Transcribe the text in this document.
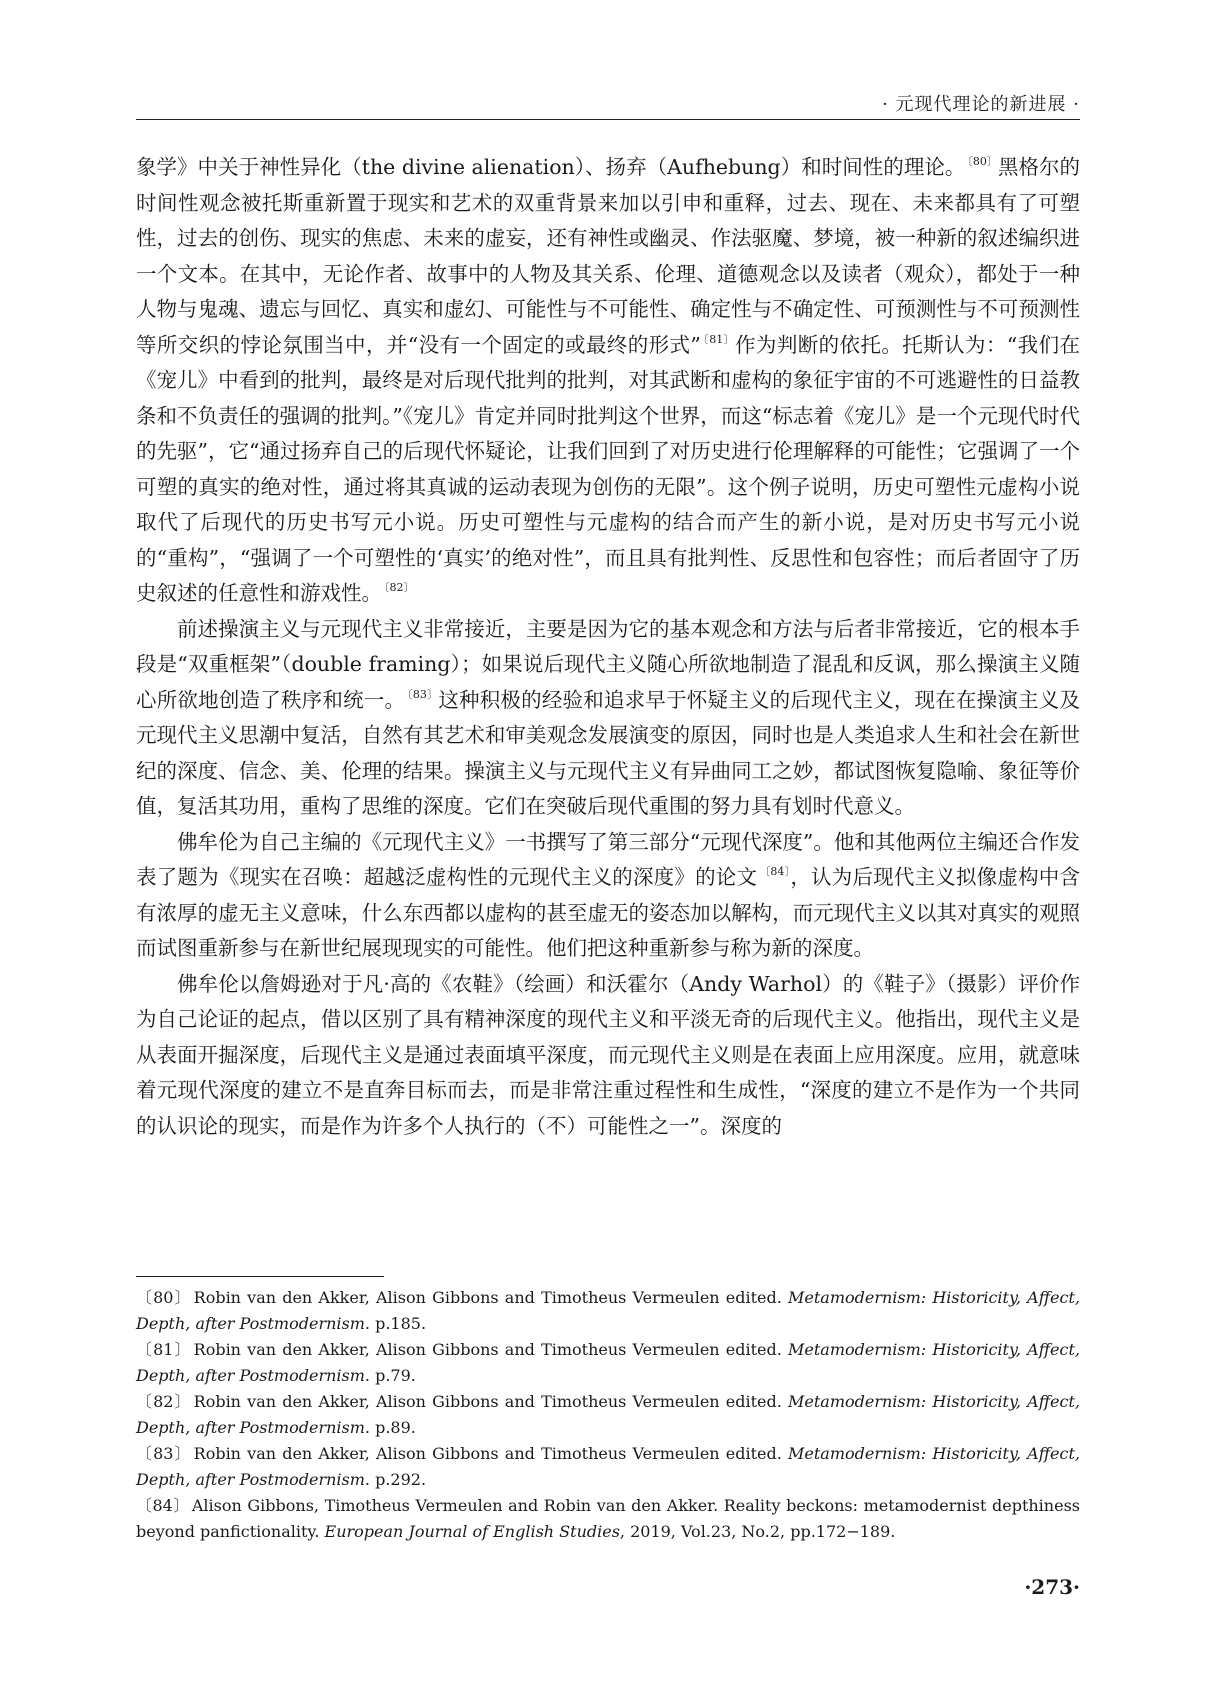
· 元现代理论的新进展 ·

象学》中关于神性异化（the divine alienation）、扬弃（Aufhebung）和时间性的理论。 $^{〔80〕}$黑格尔的时间性观念被托斯重新置于现实和艺术的双重背景来加以引申和重释，过去、现在、未来都具有了可塑性，过去的创伤、现实的焦虑、未来的虚妄，还有神性或幽灵、作法驱魔、梦境，被一种新的叙述编织进一个文本。在其中，无论作者、故事中的人物及其关系、伦理、道德观念以及读者（观众），都处于一种人物与鬼魂、遗忘与回忆、真实和虚幻、可能性与不可能性、确定性与不确定性、可预测性与不可预测性等所交织的悖论氛围当中，并“没有一个固定的或最终的形式” $^{〔81〕}$作为判断的依托。托斯认为：“我们在《宠儿》中看到的批判，最终是对后现代批判的批判，对其武断和虚构的象征宇宙的不可逃避性的日益教条和不负责任的强调的批判。”《宠儿》肯定并同时批判这个世界，而这“标志着《宠儿》是一个元现代时代的先驱”，它“通过扬弃自己的后现代怀疑论，让我们回到了对历史进行伦理解释的可能性；它强调了一个可塑的真实的绝对性，通过将其真诚的运动表现为创伤的无限”。这个例子说明，历史可塑性元虚构小说取代了后现代的历史书写元小说。历史可塑性与元虚构的结合而产生的新小说，是对历史书写元小说的“重构”，“强调了一个可塑性的‘真实’的绝对性”，而且具有批判性、反思性和包容性；而后者固守了历史叙述的任意性和游戏性。 $^{〔82〕}$

前述操演主义与元现代主义非常接近，主要是因为它的基本观念和方法与后者非常接近，它的根本手段是“双重框架”（double framing）；如果说后现代主义随心所欲地制造了混乱和反讽，那么操演主义随心所欲地创造了秩序和统一。 $^{〔83〕}$这种积极的经验和追求早于怀疑主义的后现代主义，现在在操演主义及元现代主义思潮中复活，自然有其艺术和审美观念发展演变的原因，同时也是人类追求人生和社会在新世纪的深度、信念、美、伦理的结果。操演主义与元现代主义有异曲同工之妙，都试图恢复隐喻、象征等价值，复活其功用，重构了思维的深度。它们在突破后现代重围的努力具有划时代意义。

佛牟伦为自己主编的《元现代主义》一书撰写了第三部分“元现代深度”。他和其他两位主编还合作发表了题为《现实在召唤：超越泛虚构性的元现代主义的深度》的论文 $^{〔84〕}$，认为后现代主义拟像虚构中含有浓厚的虚无主义意味，什么东西都以虚构的甚至虚无的姿态加以解构，而元现代主义以其对真实的观照而试图重新参与在新世纪展现现实的可能性。他们把这种重新参与称为新的深度。

佛牟伦以詹姆逊对于凡·高的《农鞋》（绘画）和沃霍尔（Andy Warhol）的《鞋子》（摄影）评价作为自己论证的起点，借以区别了具有精神深度的现代主义和平淡无奇的后现代主义。他指出，现代主义是从表面开掘深度，后现代主义是通过表面填平深度，而元现代主义则是在表面上应用深度。应用，就意味着元现代深度的建立不是直奔目标而去，而是非常注重过程性和生成性，“深度的建立不是作为一个共同的认识论的现实，而是作为许多个人执行的（不）可能性之一”。深度的

〔80〕 Robin van den Akker, Alison Gibbons and Timotheus Vermeulen edited. Metamodernism: Historicity, Affect, Depth, after Postmodernism. p.185.

〔81〕 Robin van den Akker, Alison Gibbons and Timotheus Vermeulen edited. Metamodernism: Historicity, Affect, Depth, after Postmodernism. p.79.

〔82〕 Robin van den Akker, Alison Gibbons and Timotheus Vermeulen edited. Metamodernism: Historicity, Affect, Depth, after Postmodernism. p.89.

〔83〕 Robin van den Akker, Alison Gibbons and Timotheus Vermeulen edited. Metamodernism: Historicity, Affect, Depth, after Postmodernism. p.292.

〔84〕 Alison Gibbons, Timotheus Vermeulen and Robin van den Akker. Reality beckons: metamodernist depthiness beyond panfictionality. European Journal of English Studies, 2019, Vol.23, No.2, pp.172−189.

·273·
